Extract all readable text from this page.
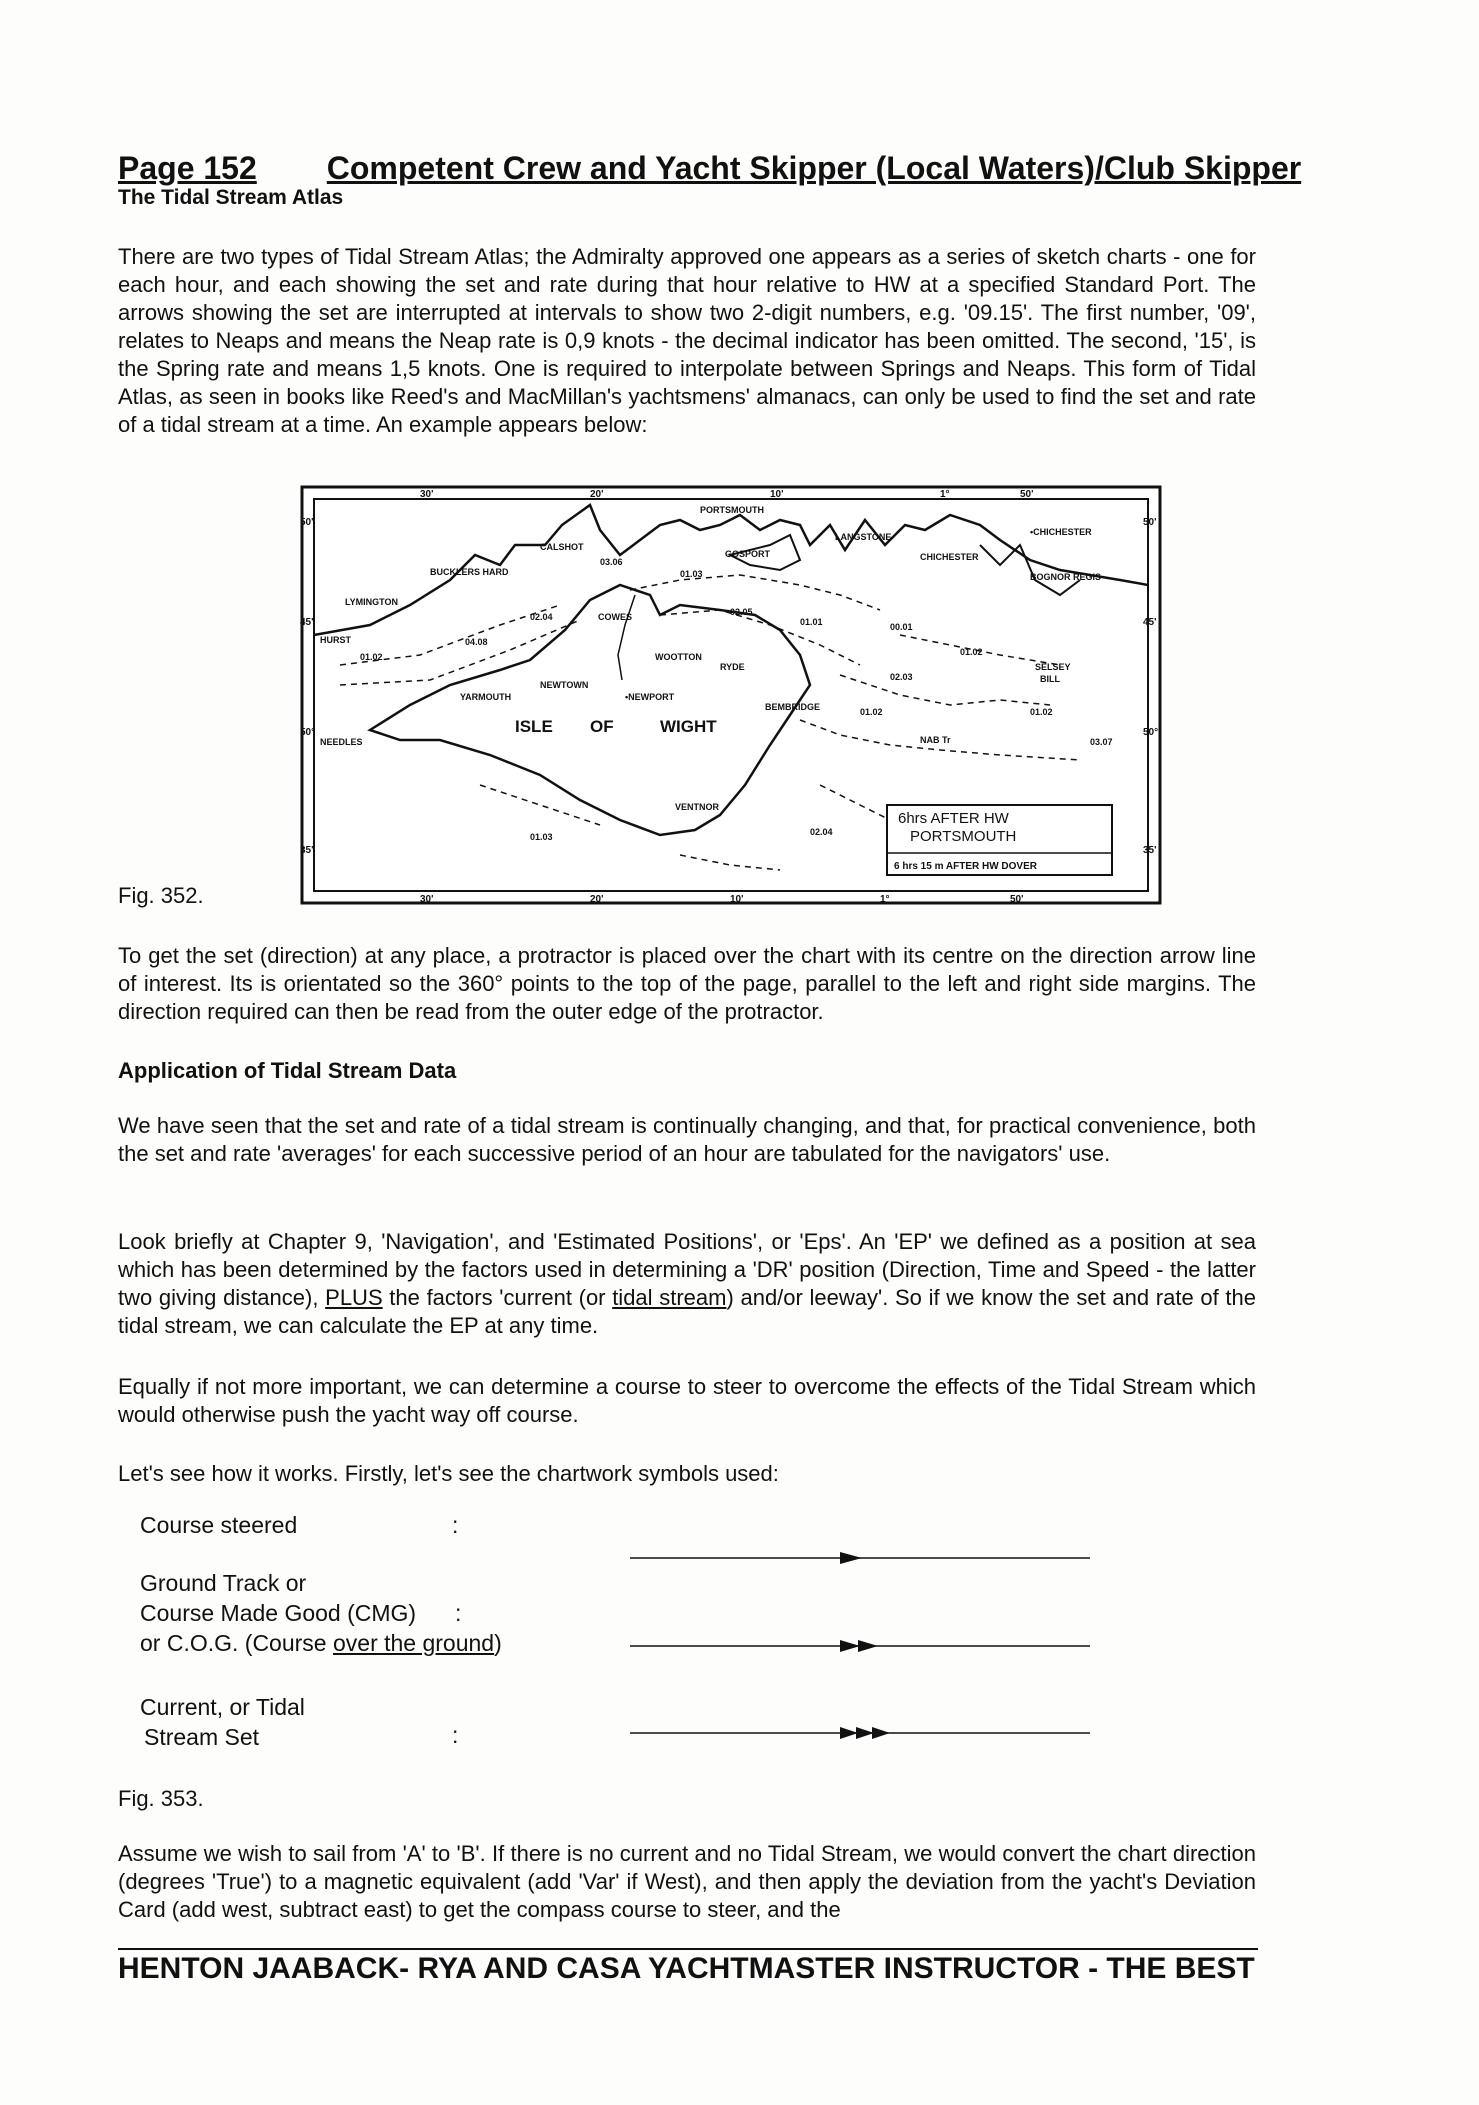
Page 152 Competent Crew and Yacht Skipper (Local Waters)/Club Skipper
The Tidal Stream Atlas
There are two types of Tidal Stream Atlas; the Admiralty approved one appears as a series of sketch charts - one for each hour, and each showing the set and rate during that hour relative to HW at a specified Standard Port. The arrows showing the set are interrupted at intervals to show two 2-digit numbers, e.g. '09.15'. The first number, '09', relates to Neaps and means the Neap rate is 0,9 knots - the decimal indicator has been omitted. The second, '15', is the Spring rate and means 1,5 knots. One is required to interpolate between Springs and Neaps. This form of Tidal Atlas, as seen in books like Reed's and MacMillan's yachtsmens' almanacs, can only be used to find the set and rate of a tidal stream at a time. An example appears below:
30'	20'	10'	1°	50'
30'	20'	10'	1°	50'
50'
45'
50°
35'
50'
45'
50°
35'
01.02
04.08
02.04
03.06
01.03
02.05
01.01	00.01
01.02
02.03
01.02	01.02
03.07
01.03	02.04
LYMINGTON
BUCKLERS HARD
CALSHOT
PORTSMOUTH
GOSPORT
LANGSTONE
CHICHESTER
•CHICHESTER
BOGNOR REGIS
SELSEY
BILL
HURST
YARMOUTH
NEWTOWN
•NEWPORT
COWES
RYDE
WOOTTON
BEMBRIDGE
VENTNOR
NEEDLES	NAB Tr
ISLE OF	WIGHT
6hrs AFTER HW
PORTSMOUTH
6 hrs 15 m AFTER HW DOVER
Fig. 352.
To get the set (direction) at any place, a protractor is placed over the chart with its centre on the direction arrow line of interest. Its is orientated so the 360° points to the top of the page, parallel to the left and right side margins. The direction required can then be read from the outer edge of the protractor.
Application of Tidal Stream Data
We have seen that the set and rate of a tidal stream is continually changing, and that, for practical convenience, both the set and rate 'averages' for each successive period of an hour are tabulated for the navigators' use.
Look briefly at Chapter 9, 'Navigation', and 'Estimated Positions', or 'Eps'. An 'EP' we defined as a position at sea which has been determined by the factors used in determining a 'DR' position (Direction, Time and Speed - the latter two giving distance), PLUS the factors 'current (or tidal stream) and/or leeway'. So if we know the set and rate of the tidal stream, we can calculate the EP at any time.
Equally if not more important, we can determine a course to steer to overcome the effects of the Tidal Stream which would otherwise push the yacht way off course.
Let's see how it works. Firstly, let's see the chartwork symbols used:
Course steered	:
Ground Track or
Course Made Good (CMG)
or C.O.G. (Course over the ground)
:
Current, or Tidal
Stream Set	:
Fig. 353.
Assume we wish to sail from 'A' to 'B'. If there is no current and no Tidal Stream, we would convert the chart direction (degrees 'True') to a magnetic equivalent (add 'Var' if West), and then apply the deviation from the yacht's Deviation Card (add west, subtract east) to get the compass course to steer, and the
HENTON JAABACK- RYA AND CASA YACHTMASTER INSTRUCTOR - THE BEST
